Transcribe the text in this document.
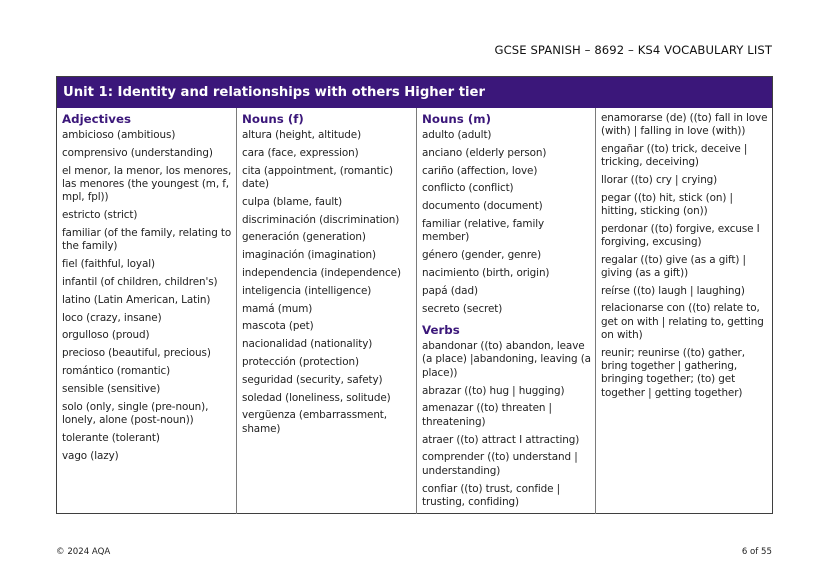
GCSE SPANISH – 8692 – KS4 VOCABULARY LIST
Unit 1: Identity and relationships with others Higher tier
Adjectives
ambicioso (ambitious)
comprensivo (understanding)
el menor, la menor, los menores, las menores (the youngest (m, f, mpl, fpl))
estricto (strict)
familiar (of the family, relating to the family)
fiel (faithful, loyal)
infantil (of children, children's)
latino (Latin American, Latin)
loco (crazy, insane)
orgulloso (proud)
precioso (beautiful, precious)
romántico (romantic)
sensible (sensitive)
solo (only, single (pre-noun), lonely, alone (post-noun))
tolerante (tolerant)
vago (lazy)
Nouns (f)
altura (height, altitude)
cara (face, expression)
cita (appointment, (romantic) date)
culpa (blame, fault)
discriminación (discrimination)
generación (generation)
imaginación (imagination)
independencia (independence)
inteligencia (intelligence)
mamá (mum)
mascota (pet)
nacionalidad (nationality)
protección (protection)
seguridad (security, safety)
soledad (loneliness, solitude)
vergüenza (embarrassment, shame)
Nouns (m)
adulto (adult)
anciano (elderly person)
cariño (affection, love)
conflicto (conflict)
documento (document)
familiar (relative, family member)
género (gender, genre)
nacimiento (birth, origin)
papá (dad)
secreto (secret)
Verbs
abandonar ((to) abandon, leave (a place) |abandoning, leaving (a place))
abrazar ((to) hug | hugging)
amenazar ((to) threaten | threatening)
atraer ((to) attract I attracting)
comprender ((to) understand | understanding)
confiar ((to) trust, confide | trusting, confiding)
enamorarse (de) ((to) fall in love (with) | falling in love (with))
engañar ((to) trick, deceive | tricking, deceiving)
llorar ((to) cry | crying)
pegar ((to) hit, stick (on) | hitting, sticking (on))
perdonar ((to) forgive, excuse I forgiving, excusing)
regalar ((to) give (as a gift) | giving (as a gift))
reírse ((to) laugh | laughing)
relacionarse con ((to) relate to, get on with | relating to, getting on with)
reunir; reunirse ((to) gather, bring together | gathering, bringing together; (to) get together | getting together)
© 2024 AQA	6 of 55
